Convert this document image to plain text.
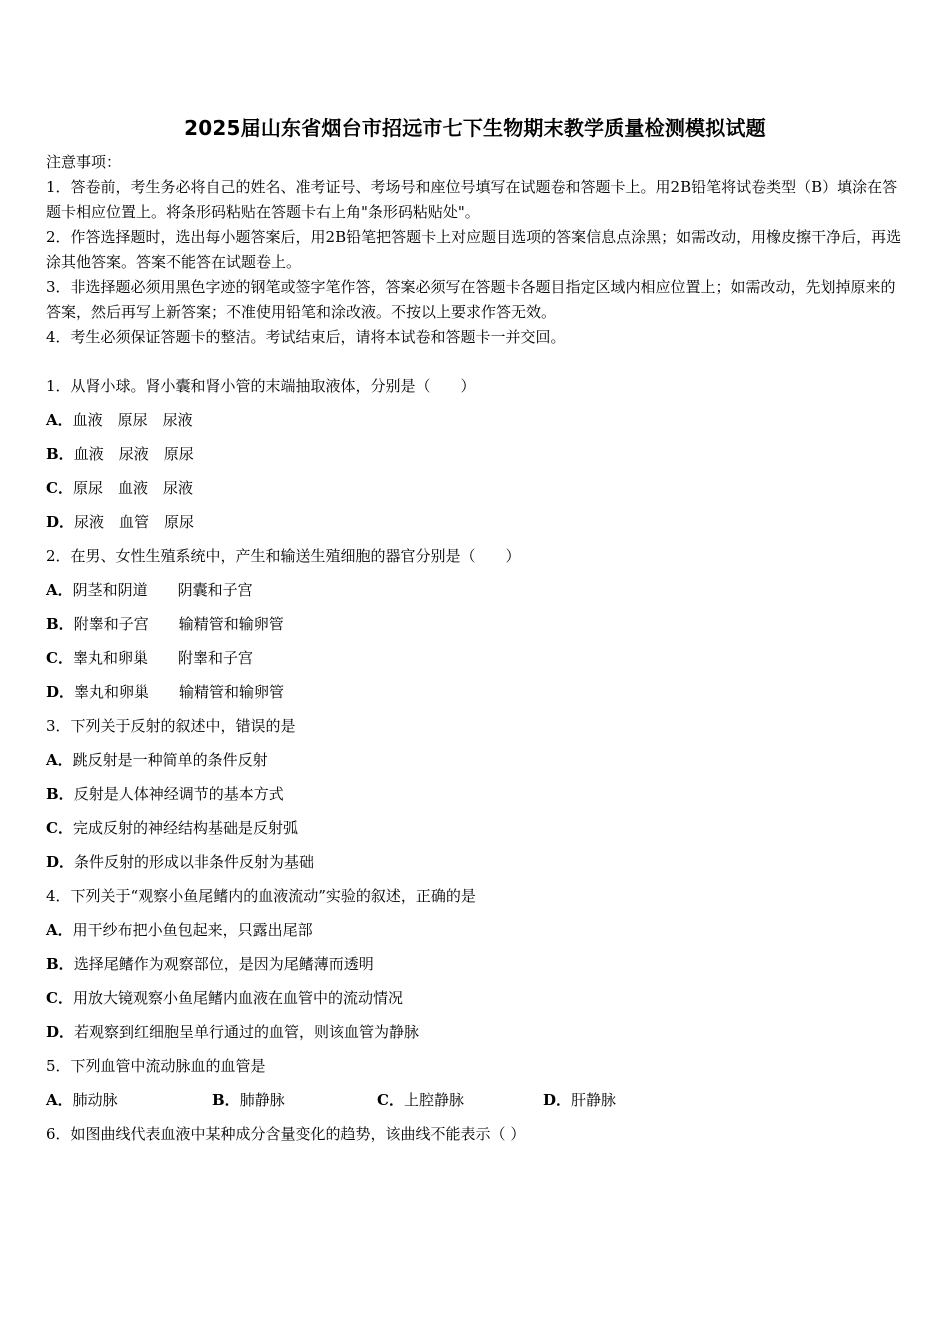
2025届山东省烟台市招远市七下生物期末教学质量检测模拟试题

注意事项：

1．答卷前，考生务必将自己的姓名、准考证号、考场号和座位号填写在试题卷和答题卡上。用2B铅笔将试卷类型（B）填涂在答题卡相应位置上。将条形码粘贴在答题卡右上角"条形码粘贴处"。

2．作答选择题时，选出每小题答案后，用2B铅笔把答题卡上对应题目选项的答案信息点涂黑；如需改动，用橡皮擦干净后，再选涂其他答案。答案不能答在试题卷上。

3．非选择题必须用黑色字迹的钢笔或签字笔作答，答案必须写在答题卡各题目指定区域内相应位置上；如需改动，先划掉原来的答案，然后再写上新答案；不准使用铅笔和涂改液。不按以上要求作答无效。

4．考生必须保证答题卡的整洁。考试结束后，请将本试卷和答题卡一并交回。

1．从肾小球。肾小囊和肾小管的末端抽取液体，分别是（　　）
A．血液　原尿　尿液
B．血液　尿液　原尿
C．原尿　血液　尿液
D．尿液　血管　原尿
2．在男、女性生殖系统中，产生和输送生殖细胞的器官分别是（　　）
A．阴茎和阴道　　阴囊和子宫
B．附睾和子宫　　输精管和输卵管
C．睾丸和卵巢　　附睾和子宫
D．睾丸和卵巢　　输精管和输卵管
3．下列关于反射的叙述中，错误的是
A．跳反射是一种简单的条件反射
B．反射是人体神经调节的基本方式
C．完成反射的神经结构基础是反射弧
D．条件反射的形成以非条件反射为基础
4．下列关于“观察小鱼尾鳍内的血液流动”实验的叙述，正确的是
A．用干纱布把小鱼包起来，只露出尾部
B．选择尾鳍作为观察部位，是因为尾鳍薄而透明
C．用放大镜观察小鱼尾鳍内血液在血管中的流动情况
D．若观察到红细胞呈单行通过的血管，则该血管为静脉
5．下列血管中流动脉血的血管是
A．肺动脉	B．肺静脉	C．上腔静脉	D．肝静脉
6．如图曲线代表血液中某种成分含量变化的趋势，该曲线不能表示（ ）
